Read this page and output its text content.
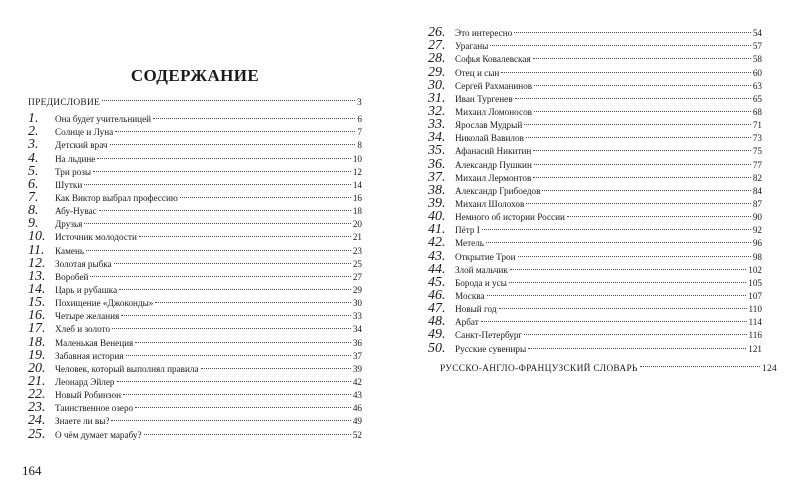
СОДЕРЖАНИЕ
ПРЕДИСЛОВИЕ	3
1.	Она будет учительницей	6
2.	Солнце и Луна	7
3.	Детский врач	8
4.	На льдине	10
5.	Три розы	12
6.	Шутки	14
7.	Как Виктор выбрал профессию	16
8.	Абу-Нувас	18
9.	Друзья	20
10.	Источник молодости	21
11.	Камень	23
12.	Золотая рыбка	25
13.	Воробей	27
14.	Царь и рубашка	29
15.	Похищение «Джоконды»	30
16.	Четыре желания	33
17.	Хлеб и золото	34
18.	Маленькая Венеция	36
19.	Забавная история	37
20.	Человек, который выполнял правила	39
21.	Леонард Эйлер	42
22.	Новый Робинзон	43
23.	Таинственное озеро	46
24.	Знаете ли вы?	49
25.	О чём думает марабу?	52
164
26.	Это интересно	54
27.	Ураганы	57
28.	Софья Ковалевская	58
29.	Отец и сын	60
30.	Сергей Рахманинов	63
31.	Иван Тургенев	65
32.	Михаил Ломоносов	68
33.	Ярослав Мудрый	71
34.	Николай Вавилов	73
35.	Афанасий Никитин	75
36.	Александр Пушкин	77
37.	Михаил Лермонтов	82
38.	Александр Грибоедов	84
39.	Михаил Шолохов	87
40.	Немного об истории России	90
41.	Пётр I	92
42.	Метель	96
43.	Открытие Трои	98
44.	Злой мальчик	102
45.	Борода и усы	105
46.	Москва	107
47.	Новый год	110
48.	Арбат	114
49.	Санкт-Петербург	116
50.	Русские сувениры	121
РУССКО-АНГЛО-ФРАНЦУЗСКИЙ СЛОВАРЬ	124
